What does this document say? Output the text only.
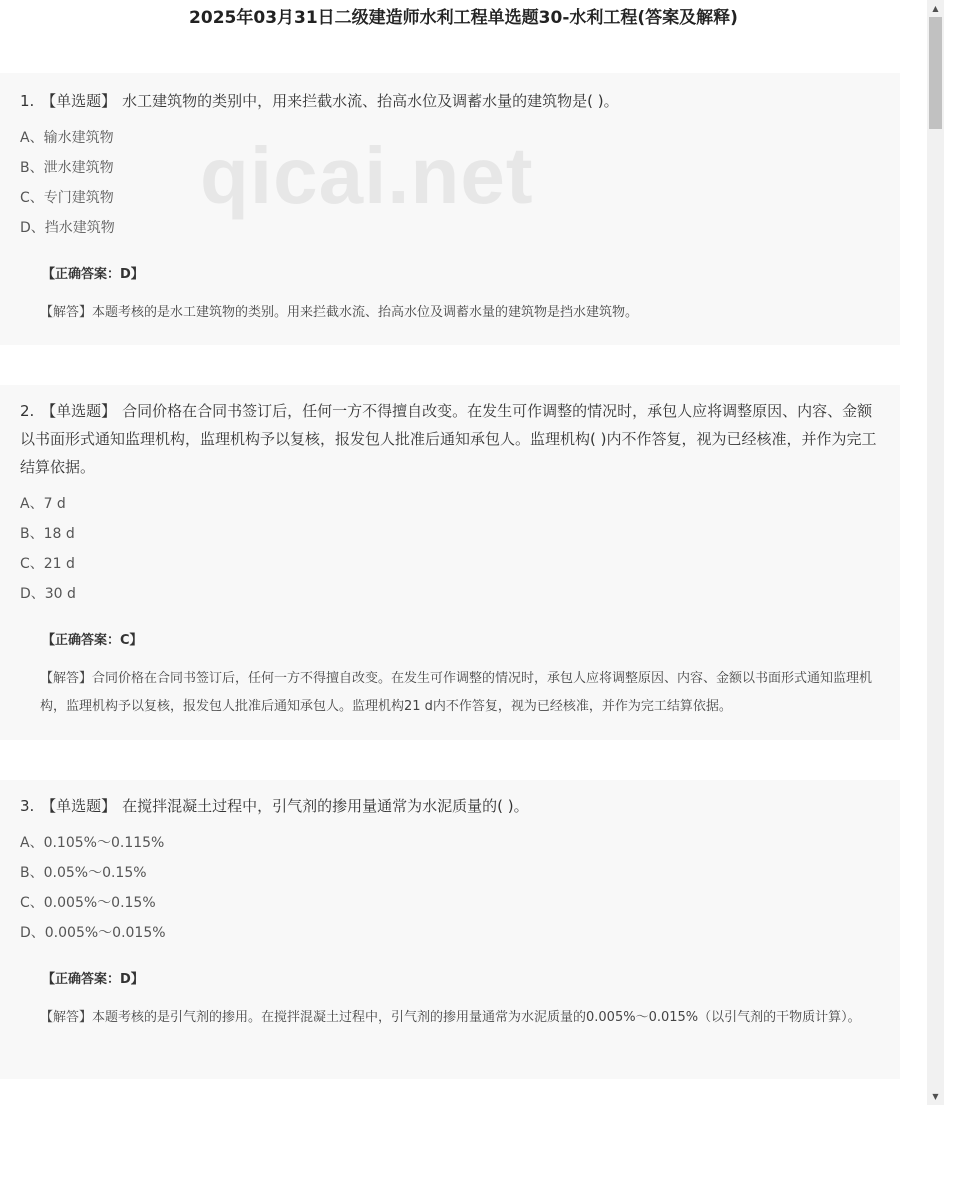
2025年03月31日二级建造师水利工程单选题30-水利工程(答案及解释)
qicai.net

1. 【单选题】 水工建筑物的类别中，用来拦截水流、抬高水位及调蓄水量的建筑物是( )。

A、输水建筑物
B、泄水建筑物
C、专门建筑物
D、挡水建筑物
【正确答案：D】
【解答】本题考核的是水工建筑物的类别。用来拦截水流、抬高水位及调蓄水量的建筑物是挡水建筑物。

2. 【单选题】 合同价格在合同书签订后，任何一方不得擅自改变。在发生可作调整的情况时，承包人应将调整原因、内容、金额以书面形式通知监理机构，监理机构予以复核，报发包人批准后通知承包人。监理机构( )内不作答复，视为已经核准，并作为完工结算依据。

A、7 d
B、18 d
C、21 d
D、30 d
【正确答案：C】
【解答】合同价格在合同书签订后，任何一方不得擅自改变。在发生可作调整的情况时，承包人应将调整原因、内容、金额以书面形式通知监理机构，监理机构予以复核，报发包人批准后通知承包人。监理机构21 d内不作答复，视为已经核准，并作为完工结算依据。

3. 【单选题】 在搅拌混凝土过程中，引气剂的掺用量通常为水泥质量的( )。

A、0.105%～0.115%
B、0.05%～0.15%
C、0.005%～0.15%
D、0.005%～0.015%
【正确答案：D】
【解答】本题考核的是引气剂的掺用。在搅拌混凝土过程中，引气剂的掺用量通常为水泥质量的0.005%～0.015%（以引气剂的干物质计算）。
▲
▼
